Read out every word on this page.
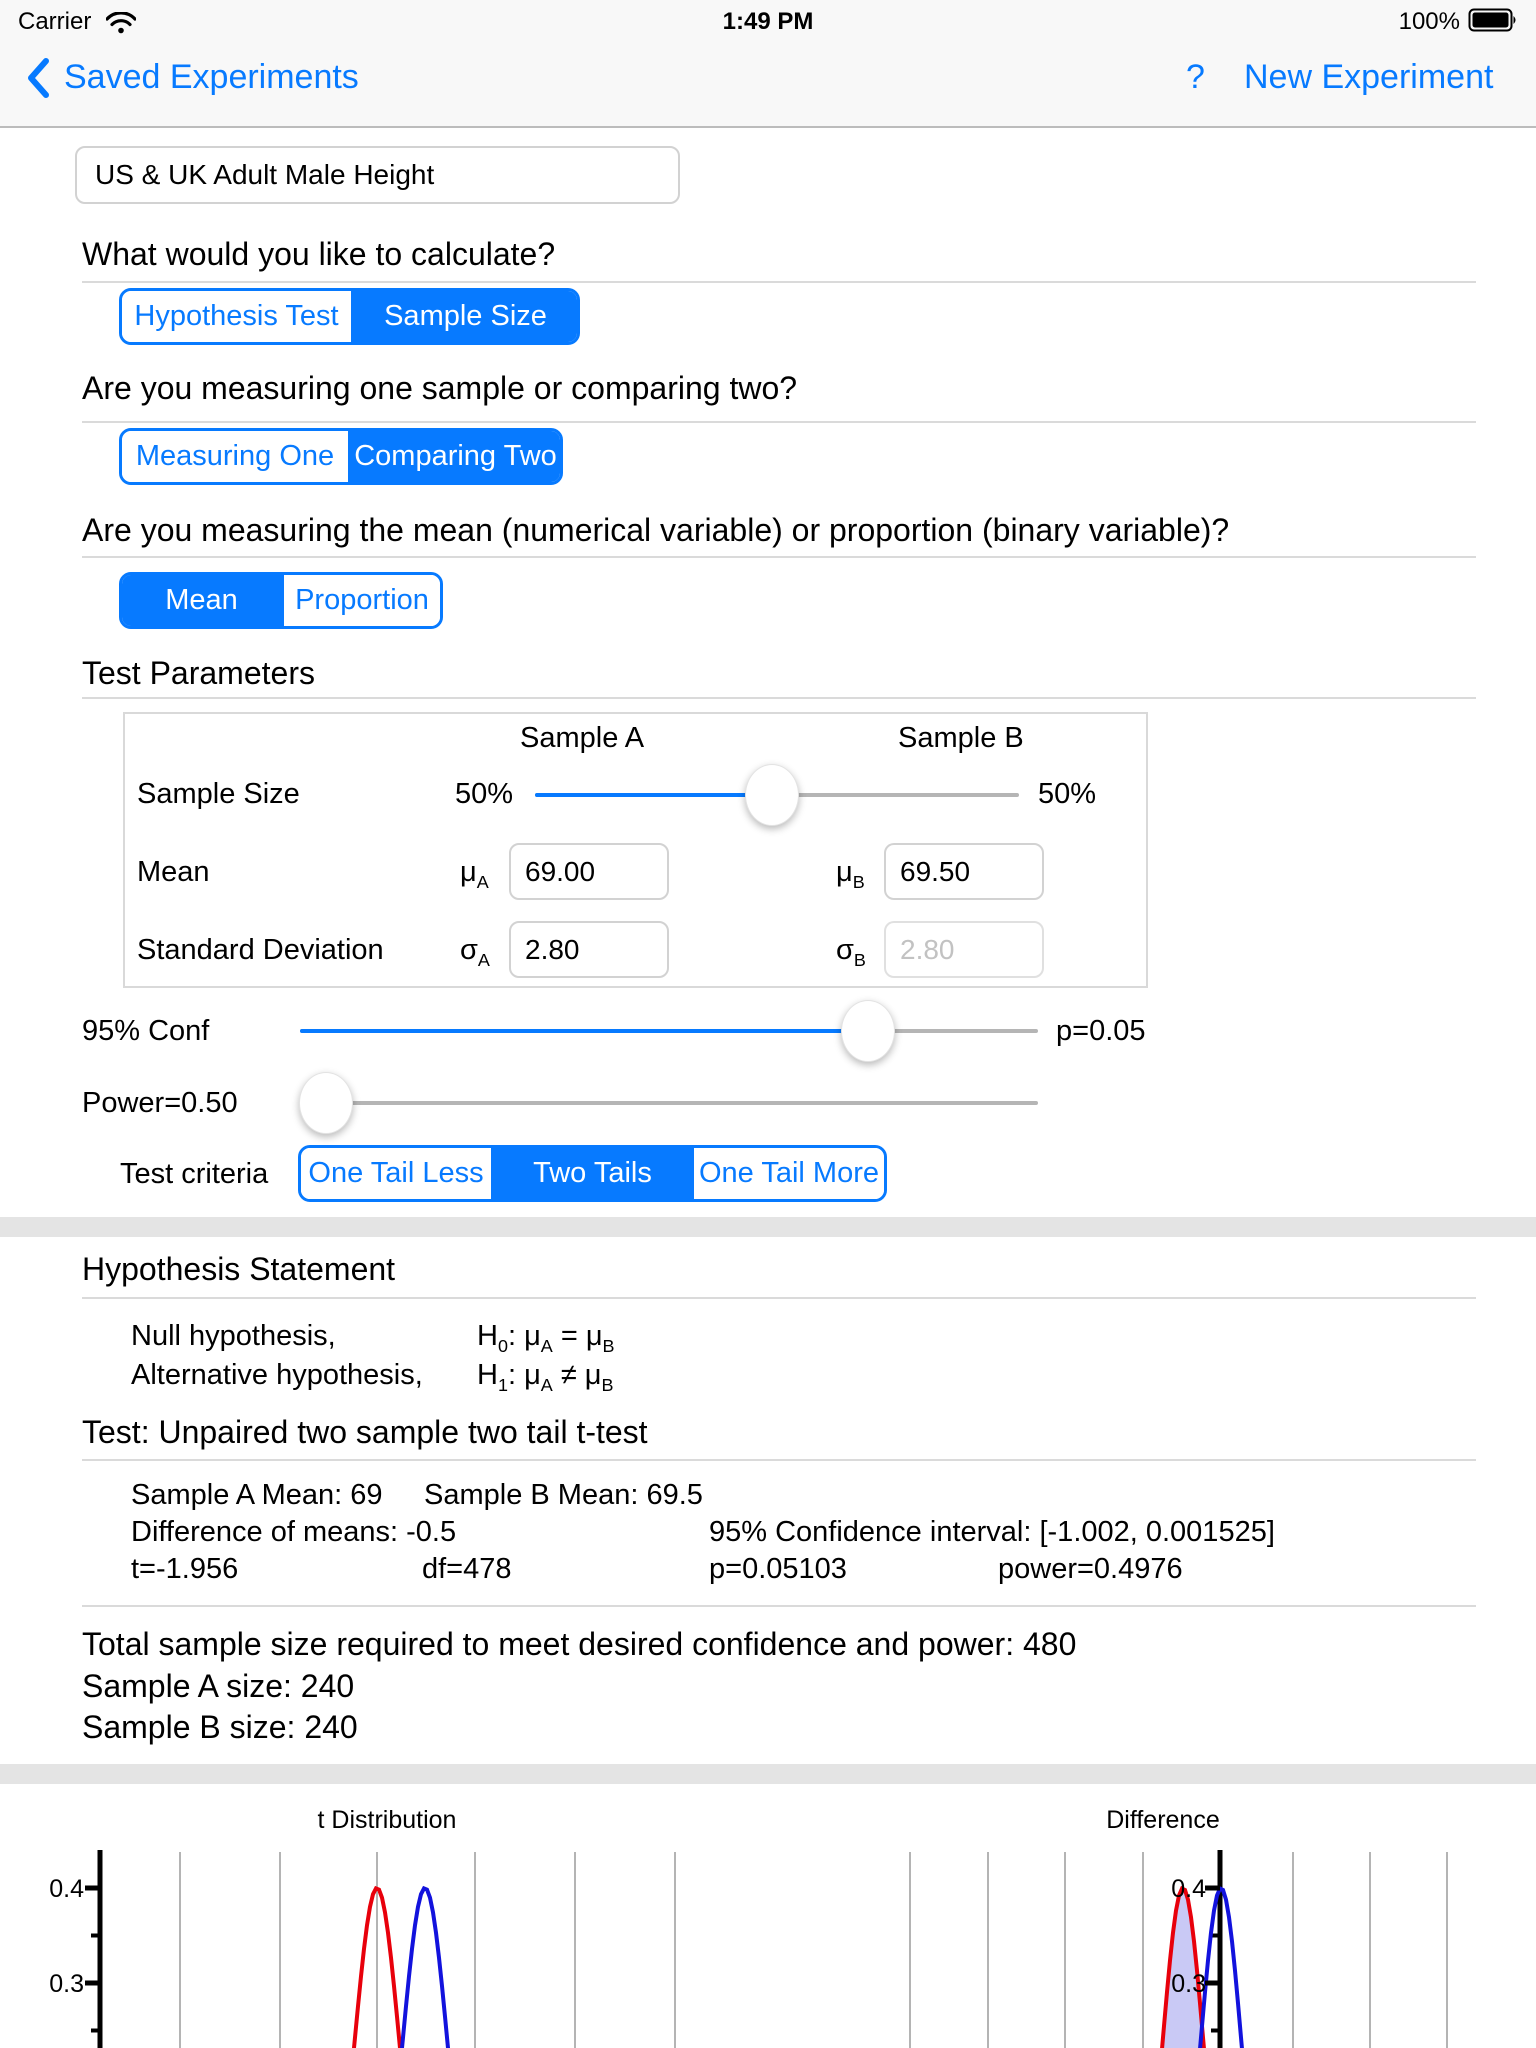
Carrier	1:49 PM	100%
Saved Experiments	? New Experiment
US & UK Adult Male Height
What would you like to calculate?
Hypothesis Test	Sample Size
Are you measuring one sample or comparing two?
Measuring One Comparing Two
Are you measuring the mean (numerical variable) or proportion (binary variable)?
Mean	Proportion
Test Parameters
Sample A	Sample B
Sample Size	50%	50%
Mean	$\mu_A$	69.00	$\mu_B$	69.50
Standard Deviation	$\sigma_A$	2.80	$\sigma_B$	2.80
95% Conf	p=0.05
Power=0.50
Test criteria One Tail Less	Two Tails	One Tail More
Hypothesis Statement
Null hypothesis,	$H_0$: $\mu_A = \mu_B$
Alternative hypothesis, $H_1$: $\mu_A \ne \mu_B$
Test: Unpaired two sample two tail t-test
Sample A Mean: 69 Sample B Mean: 69.5
Difference of means: -0.5	95% Confidence interval: [-1.002, 0.001525]
t=-1.956	df=478	p=0.05103	power=0.4976
Total sample size required to meet desired confidence and power: 480
Sample A size: 240
Sample B size: 240
t Distribution	Difference
0.4
0.3
0.4
0.3
